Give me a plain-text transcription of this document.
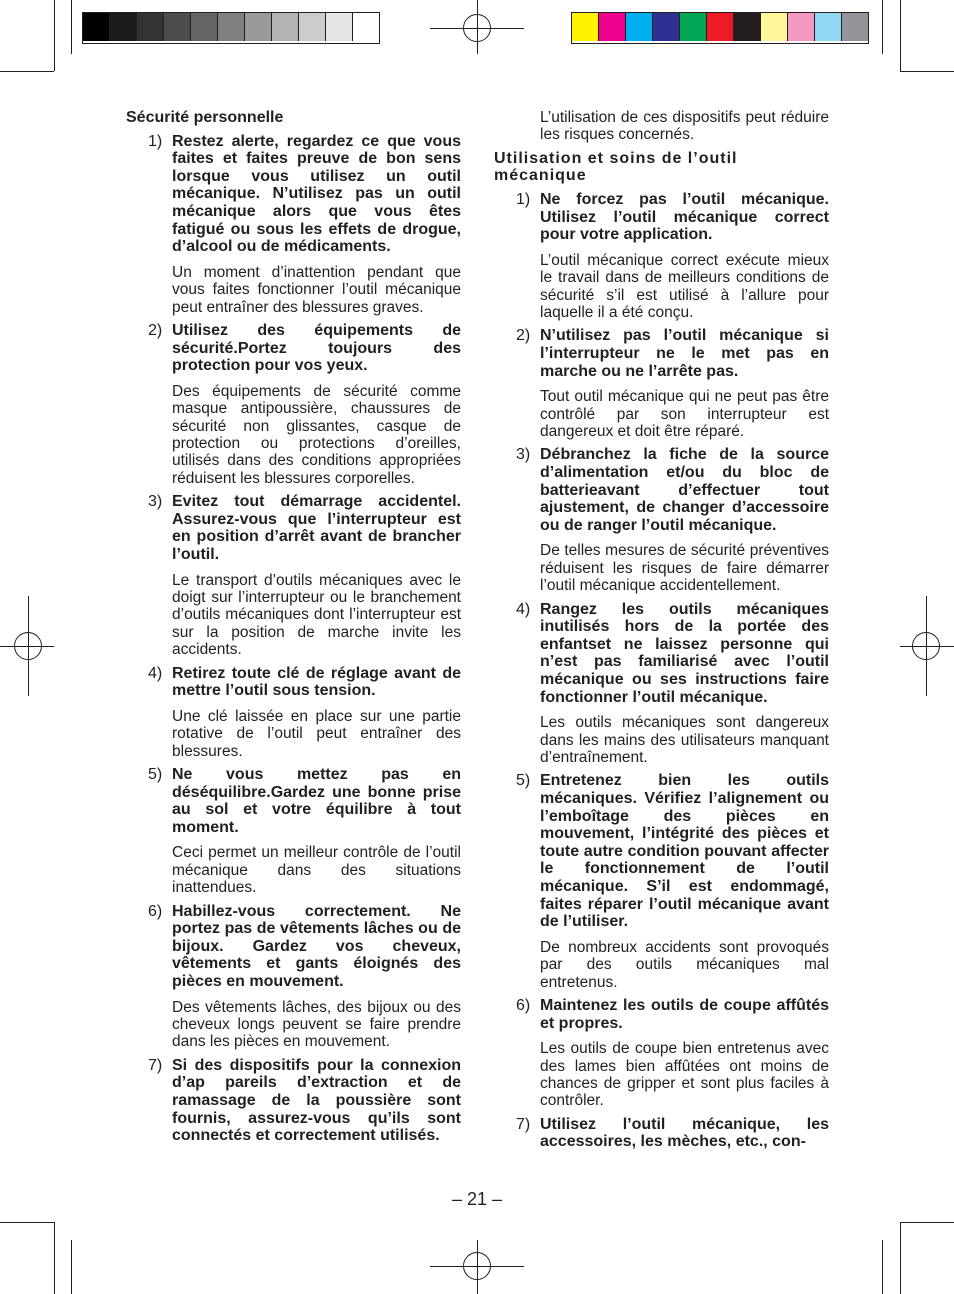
Sécurité personnelle
1) Restez alerte, regardez ce que vous faites et faites preuve de bon sens lorsque vous utilisez un outil mécanique. N’utilisez pas un outil mécanique alors que vous êtes fatigué ou sous les effets de drogue, d’alcool ou de médicaments.
Un moment d’inattention pendant que vous faites fonctionner l’outil mécanique peut entraîner des blessures graves.
2) Utilisez des équipements de sécurité.Portez toujours des protection pour vos yeux.
Des équipements de sécurité comme masque antipoussière, chaussures de sécurité non glissantes, casque de protection ou protections d’oreilles, utilisés dans des conditions appropriées réduisent les blessures corporelles.
3) Evitez tout démarrage accidentel. Assurez-vous que l’interrupteur est en position d’arrêt avant de brancher l’outil.
Le transport d’outils mécaniques avec le doigt sur l’interrupteur ou le branchement d’outils mécaniques dont l’interrupteur est sur la position de marche invite les accidents.
4) Retirez toute clé de réglage avant de mettre l’outil sous tension.
Une clé laissée en place sur une partie rotative de l’outil peut entraîner des blessures.
5) Ne vous mettez pas en déséquilibre.Gardez une bonne prise au sol et votre équilibre à tout moment.
Ceci permet un meilleur contrôle de l’outil mécanique dans des situations inattendues.
6) Habillez-vous correctement. Ne portez pas de vêtements lâches ou de bijoux. Gardez vos cheveux, vêtements et gants éloignés des pièces en mouvement.
Des vêtements lâches, des bijoux ou des cheveux longs peuvent se faire prendre dans les pièces en mouvement.
7) Si des dispositifs pour la connexion d’ap pareils d’extraction et de ramassage de la poussière sont fournis, assurez-vous qu’ils sont connectés et correctement utilisés.
L’utilisation de ces dispositifs peut réduire les risques concernés.
Utilisation et soins de l’outil mécanique
1) Ne forcez pas l’outil mécanique. Utilisez l’outil mécanique correct pour votre application.
L’outil mécanique correct exécute mieux le travail dans de meilleurs conditions de sécurité s’il est utilisé à l’allure pour laquelle il a été conçu.
2) N’utilisez pas l’outil mécanique si l’interrupteur ne le met pas en marche ou ne l’arrête pas.
Tout outil mécanique qui ne peut pas être contrôlé par son interrupteur est dangereux et doit être réparé.
3) Débranchez la fiche de la source d’alimentation et/ou du bloc de batterieavant d’effectuer tout ajustement, de changer d’accessoire ou de ranger l’outil mécanique.
De telles mesures de sécurité préventives réduisent les risques de faire démarrer l’outil mécanique accidentellement.
4) Rangez les outils mécaniques inutilisés hors de la portée des enfantset ne laissez personne qui n’est pas familiarisé avec l’outil mécanique ou ses instructions faire fonctionner l’outil mécanique.
Les outils mécaniques sont dangereux dans les mains des utilisateurs manquant d’entraînement.
5) Entretenez bien les outils mécaniques. Vérifiez l’alignement ou l’emboîtage des pièces en mouvement, l’intégrité des pièces et toute autre condition pouvant affecter le fonctionnement de l’outil mécanique. S’il est endommagé, faites réparer l’outil mécanique avant de l’utiliser.
De nombreux accidents sont provoqués par des outils mécaniques mal entretenus.
6) Maintenez les outils de coupe affûtés et propres.
Les outils de coupe bien entretenus avec des lames bien affûtées ont moins de chances de gripper et sont plus faciles à contrôler.
7) Utilisez l’outil mécanique, les accessoires, les mèches, etc., con-
– 21 –
